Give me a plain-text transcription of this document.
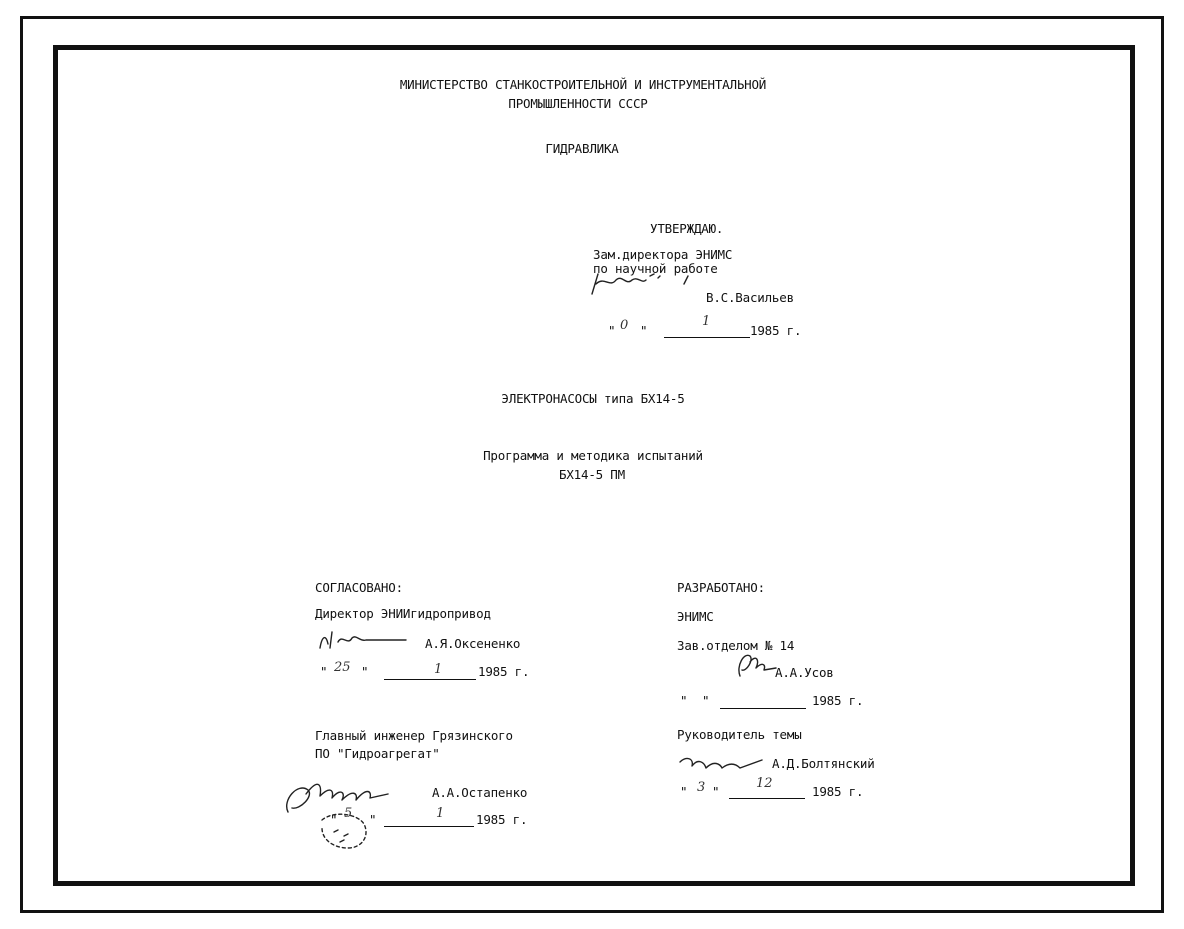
МИНИСТЕРСТВО СТАНКОСТРОИТЕЛЬНОЙ И ИНСТРУМЕНТАЛЬНОЙ
ПРОМЫШЛЕННОСТИ СССР
ГИДРАВЛИКА
УТВЕРЖДАЮ.
Зам.директора ЭНИМС
по научной работе
В.С.Васильев
" 0 "
1
1985 г.
ЭЛЕКТРОНАСОСЫ типа БХ14-5
Программа и методика испытаний
БХ14-5 ПМ
СОГЛАСОВАНО:
Директор ЭНИИгидропривод
А.Я.Оксененко
" 25 "	1	1985 г.
Главный инженер Грязинского
ПО "Гидроагрегат"
А.А.Остапенко
" 5 "	1	1985 г.
РАЗРАБОТАНО:
ЭНИМС
Зав.отделом № 14
А.А.Усов
" "	1985 г.
Руководитель темы
А.Д.Болтянский
" 3 "
12
1985 г.
